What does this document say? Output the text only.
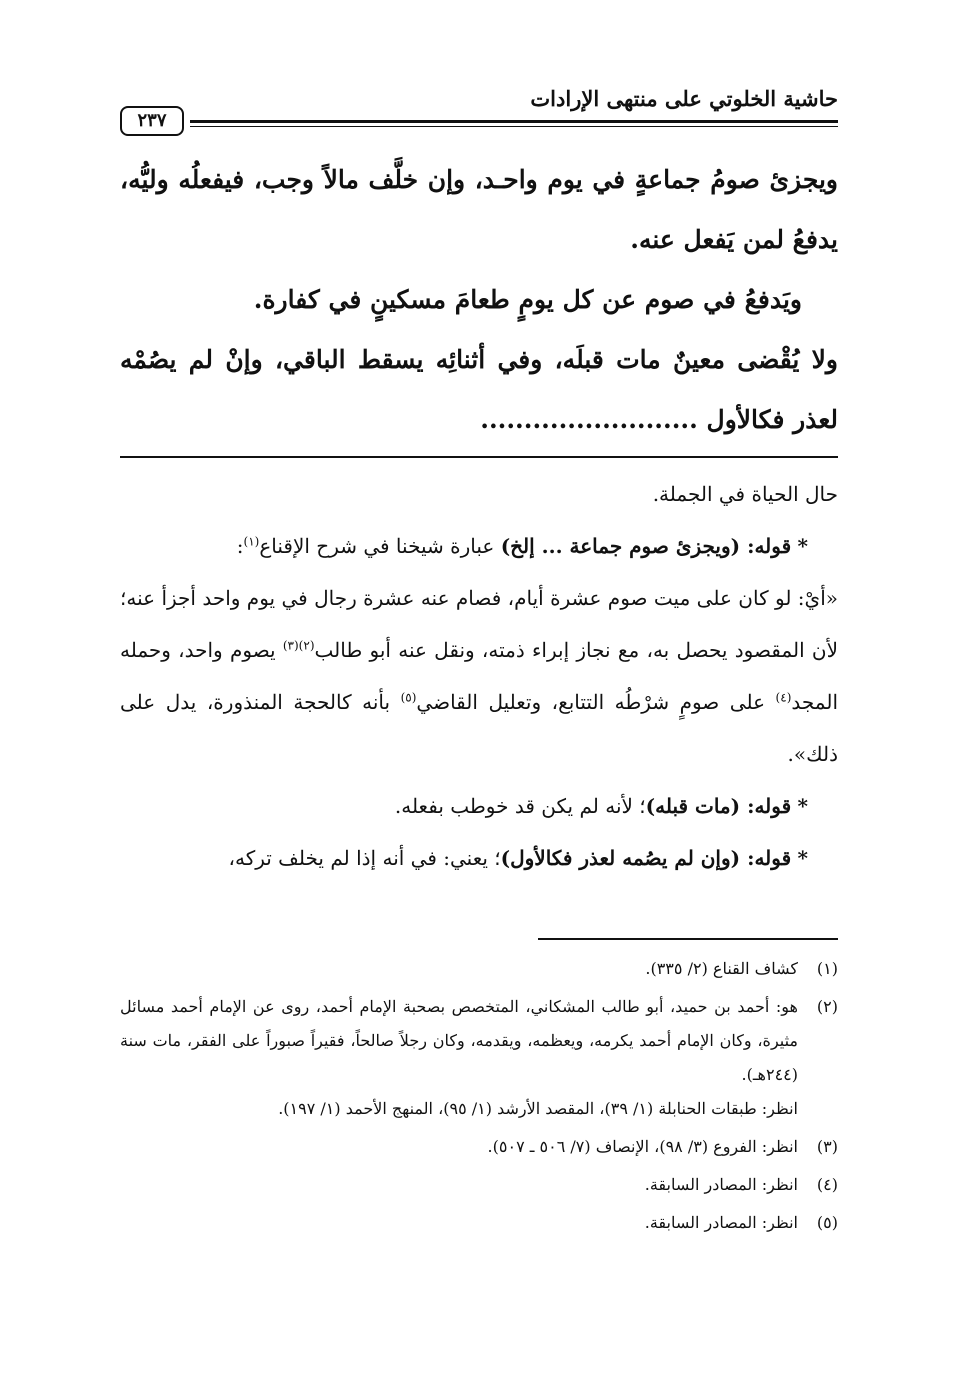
حاشية الخلوتي على منتهى الإرادات
٢٣٧

ويجزئ صومُ جماعةٍ في يوم واحـد، وإن خلَّف مالاً وجب، فيفعلُه وليُّه، يدفعُ لمن يَفعل عنه.

ويَدفعُ في صوم عن كل يومٍ طعامَ مسكينٍ في كفارة.

ولا يُقْضى معينٌ مات قبلَه، وفي أثنائِه يسقط الباقي، وإنْ لم يصُمْه لعذر فكالأول .........................

حال الحياة في الجملة.

* قوله: (ويجزئ صوم جماعة ... إلخ) عبارة شيخنا في شرح الإقناع$^{(١)}$:

«أيْ: لو كان على ميت صوم عشرة أيام، فصام عنه عشرة رجال في يوم واحد أجزأ عنه؛ لأن المقصود يحصل به، مع نجاز إبراء ذمته، ونقل عنه أبو طالب$^{(٢)(٣)}$ يصوم واحد، وحمله المجد$^{(٤)}$ على صومٍ شرْطُه التتابع، وتعليل القاضي$^{(٥)}$ بأنه كالحجة المنذورة، يدل على ذلك».

* قوله: (مات قبله)؛ لأنه لم يكن قد خوطب بفعله.

* قوله: (وإن لم يصُمه لعذر فكالأول)؛ يعني: في أنه إذا لم يخلف تركه،

(١)
كشاف القناع (٢/ ٣٣٥).
(٢)
هو: أحمد بن حميد، أبو طالب المشكاني، المتخصص بصحبة الإمام أحمد، روى عن الإمام أحمد مسائل مثيرة، وكان الإمام أحمد يكرمه، ويعظمه، ويقدمه، وكان رجلاً صالحاً، فقيراً صبوراً على الفقر، مات سنة (٢٤٤هـ).
انظر: طبقات الحنابلة (١/ ٣٩)، المقصد الأرشد (١/ ٩٥)، المنهج الأحمد (١/ ١٩٧).
(٣)
انظر: الفروع (٣/ ٩٨)، الإنصاف (٧/ ٥٠٦ ـ ٥٠٧).
(٤)
انظر: المصادر السابقة.
(٥)
انظر: المصادر السابقة.
